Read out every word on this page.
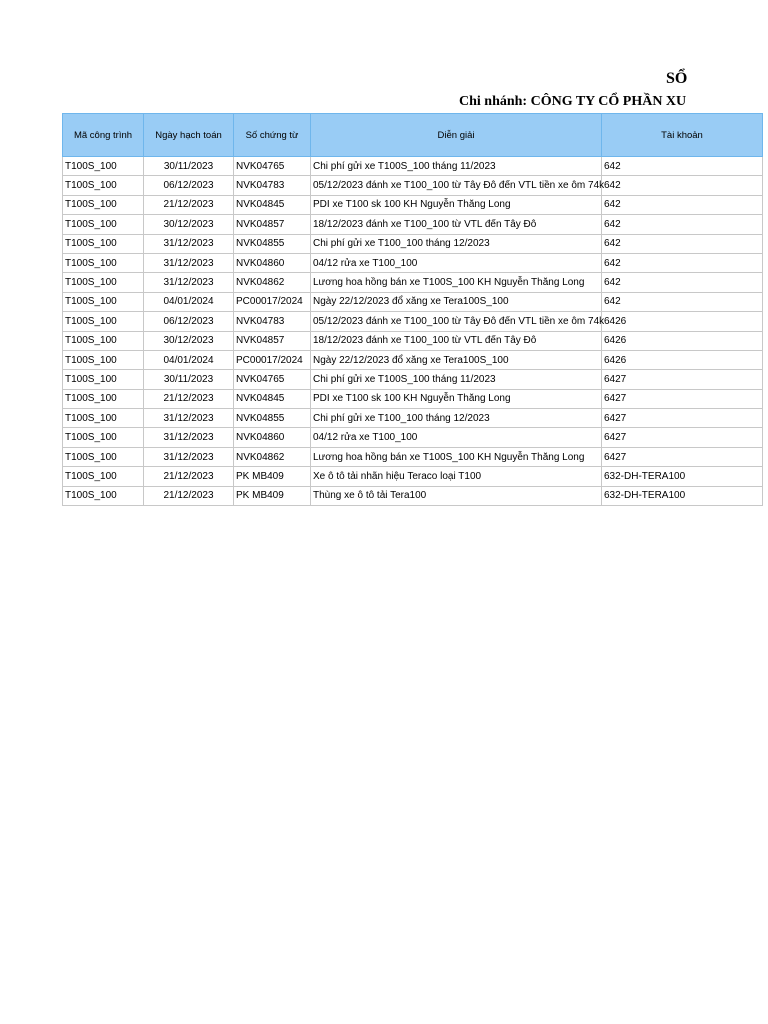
SỔ
Chi nhánh: CÔNG TY CỔ PHẦN XU
Mã công trình	Ngày hạch toán	Số chứng từ	Diễn giải	Tài khoản
T100S_100	30/11/2023	NVK04765	Chi phí gửi xe T100S_100 tháng 11/2023	642
T100S_100	06/12/2023	NVK04783	05/12/2023 đánh xe T100_100 từ Tây Đô đến VTL tiền xe ôm 74k	642
T100S_100	21/12/2023	NVK04845	PDI xe T100 sk 100 KH Nguyễn Thăng Long	642
T100S_100	30/12/2023	NVK04857	18/12/2023 đánh xe T100_100 từ VTL đến Tây Đô	642
T100S_100	31/12/2023	NVK04855	Chi phí gửi xe T100_100 tháng 12/2023	642
T100S_100	31/12/2023	NVK04860	04/12 rửa xe T100_100	642
T100S_100	31/12/2023	NVK04862	Lương hoa hồng bán xe T100S_100 KH Nguyễn Thăng Long	642
T100S_100	04/01/2024	PC00017/2024	Ngày 22/12/2023 đổ xăng xe Tera100S_100	642
T100S_100	06/12/2023	NVK04783	05/12/2023 đánh xe T100_100 từ Tây Đô đến VTL tiền xe ôm 74k	6426
T100S_100	30/12/2023	NVK04857	18/12/2023 đánh xe T100_100 từ VTL đến Tây Đô	6426
T100S_100	04/01/2024	PC00017/2024	Ngày 22/12/2023 đổ xăng xe Tera100S_100	6426
T100S_100	30/11/2023	NVK04765	Chi phí gửi xe T100S_100 tháng 11/2023	6427
T100S_100	21/12/2023	NVK04845	PDI xe T100 sk 100 KH Nguyễn Thăng Long	6427
T100S_100	31/12/2023	NVK04855	Chi phí gửi xe T100_100 tháng 12/2023	6427
T100S_100	31/12/2023	NVK04860	04/12 rửa xe T100_100	6427
T100S_100	31/12/2023	NVK04862	Lương hoa hồng bán xe T100S_100 KH Nguyễn Thăng Long	6427
T100S_100	21/12/2023	PK MB409	Xe ô tô tải nhãn hiệu Teraco loại T100	632-DH-TERA100
T100S_100	21/12/2023	PK MB409	Thùng xe ô tô tải Tera100	632-DH-TERA100
